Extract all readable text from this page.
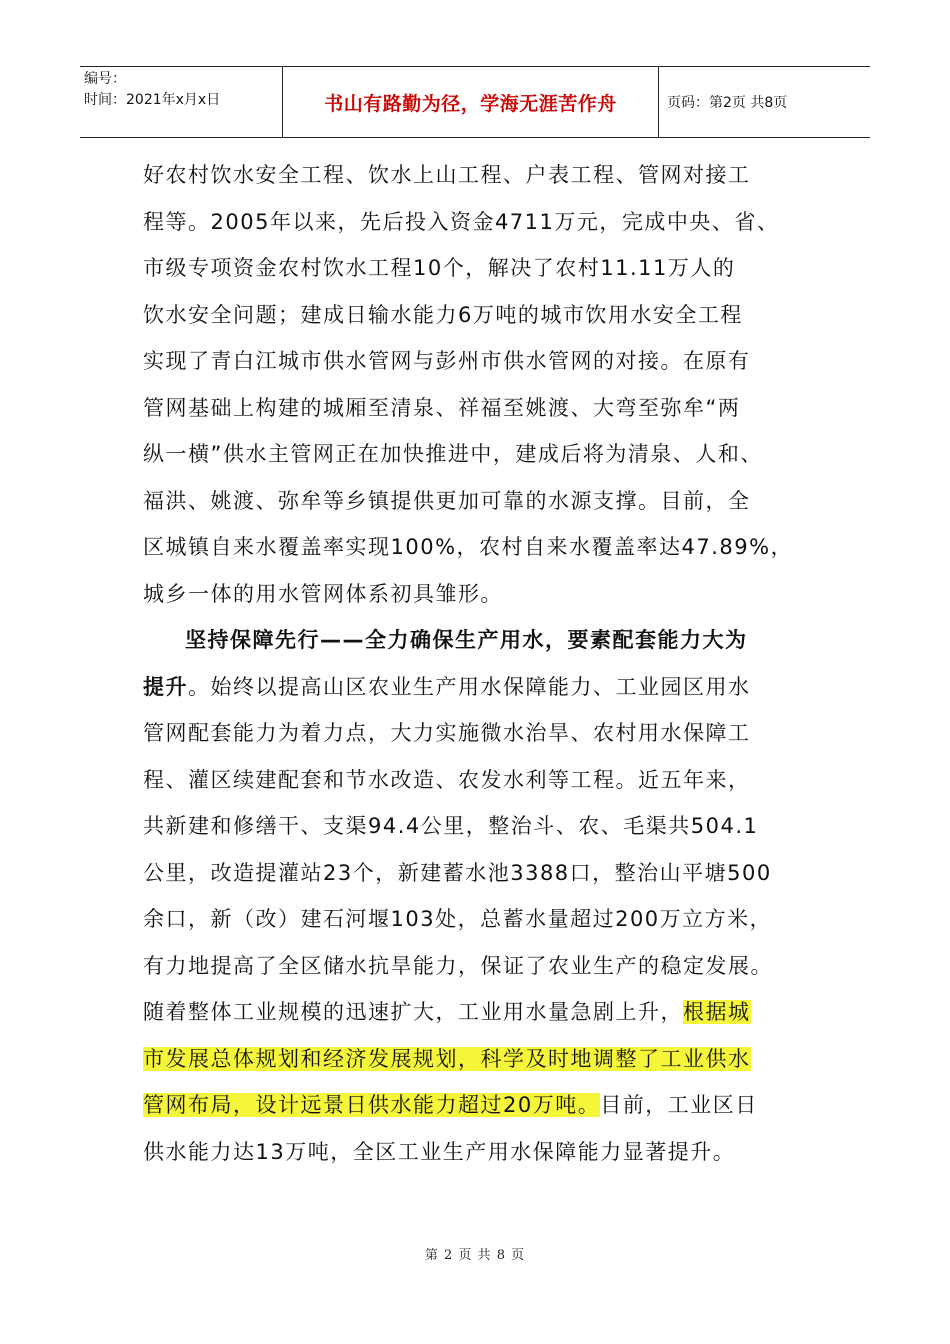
编号：
时间：2021年x月x日	书山有路勤为径，学海无涯苦作舟	页码：第2页 共8页
好农村饮水安全工程、饮水上山工程、户表工程、管网对接工
程等。2005年以来，先后投入资金4711万元，完成中央、省、
市级专项资金农村饮水工程10个，解决了农村11.11万人的
饮水安全问题；建成日输水能力6万吨的城市饮用水安全工程
实现了青白江城市供水管网与彭州市供水管网的对接。在原有
管网基础上构建的城厢至清泉、祥福至姚渡、大弯至弥牟“两
纵一横”供水主管网正在加快推进中，建成后将为清泉、人和、
福洪、姚渡、弥牟等乡镇提供更加可靠的水源支撑。目前，全
区城镇自来水覆盖率实现100%，农村自来水覆盖率达47.89%，
城乡一体的用水管网体系初具雏形。
坚持保障先行——全力确保生产用水，要素配套能力大为
提升。始终以提高山区农业生产用水保障能力、工业园区用水
管网配套能力为着力点，大力实施微水治旱、农村用水保障工
程、灌区续建配套和节水改造、农发水利等工程。近五年来，
共新建和修缮干、支渠94.4公里，整治斗、农、毛渠共504.1
公里，改造提灌站23个，新建蓄水池3388口，整治山平塘500
余口，新（改）建石河堰103处，总蓄水量超过200万立方米，
有力地提高了全区储水抗旱能力，保证了农业生产的稳定发展。
随着整体工业规模的迅速扩大，工业用水量急剧上升，根据城
市发展总体规划和经济发展规划，科学及时地调整了工业供水
管网布局，设计远景日供水能力超过20万吨。目前，工业区日
供水能力达13万吨，全区工业生产用水保障能力显著提升。
第 2 页 共 8 页
